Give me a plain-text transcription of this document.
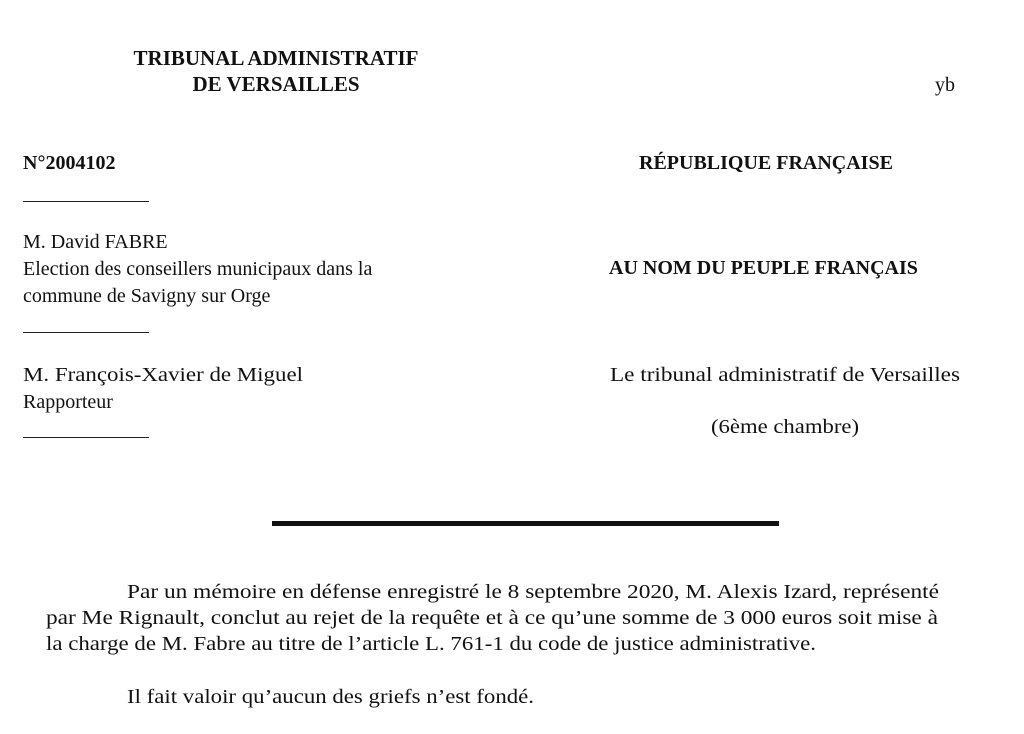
TRIBUNAL ADMINISTRATIF
DE VERSAILLES	yb
N°2004102
M. David FABRE
Election des conseillers municipaux dans la
commune de Savigny sur Orge
M. François-Xavier de Miguel
Rapporteur
RÉPUBLIQUE FRANÇAISE
AU NOM DU PEUPLE FRANÇAIS
Le tribunal administratif de Versailles
(6ème chambre)
Par un mémoire en défense enregistré le 8 septembre 2020, M. Alexis Izard, représenté
par Me Rignault, conclut au rejet de la requête et à ce qu’une somme de 3 000 euros soit mise à
la charge de M. Fabre au titre de l’article L. 761-1 du code de justice administrative.
Il fait valoir qu’aucun des griefs n’est fondé.
